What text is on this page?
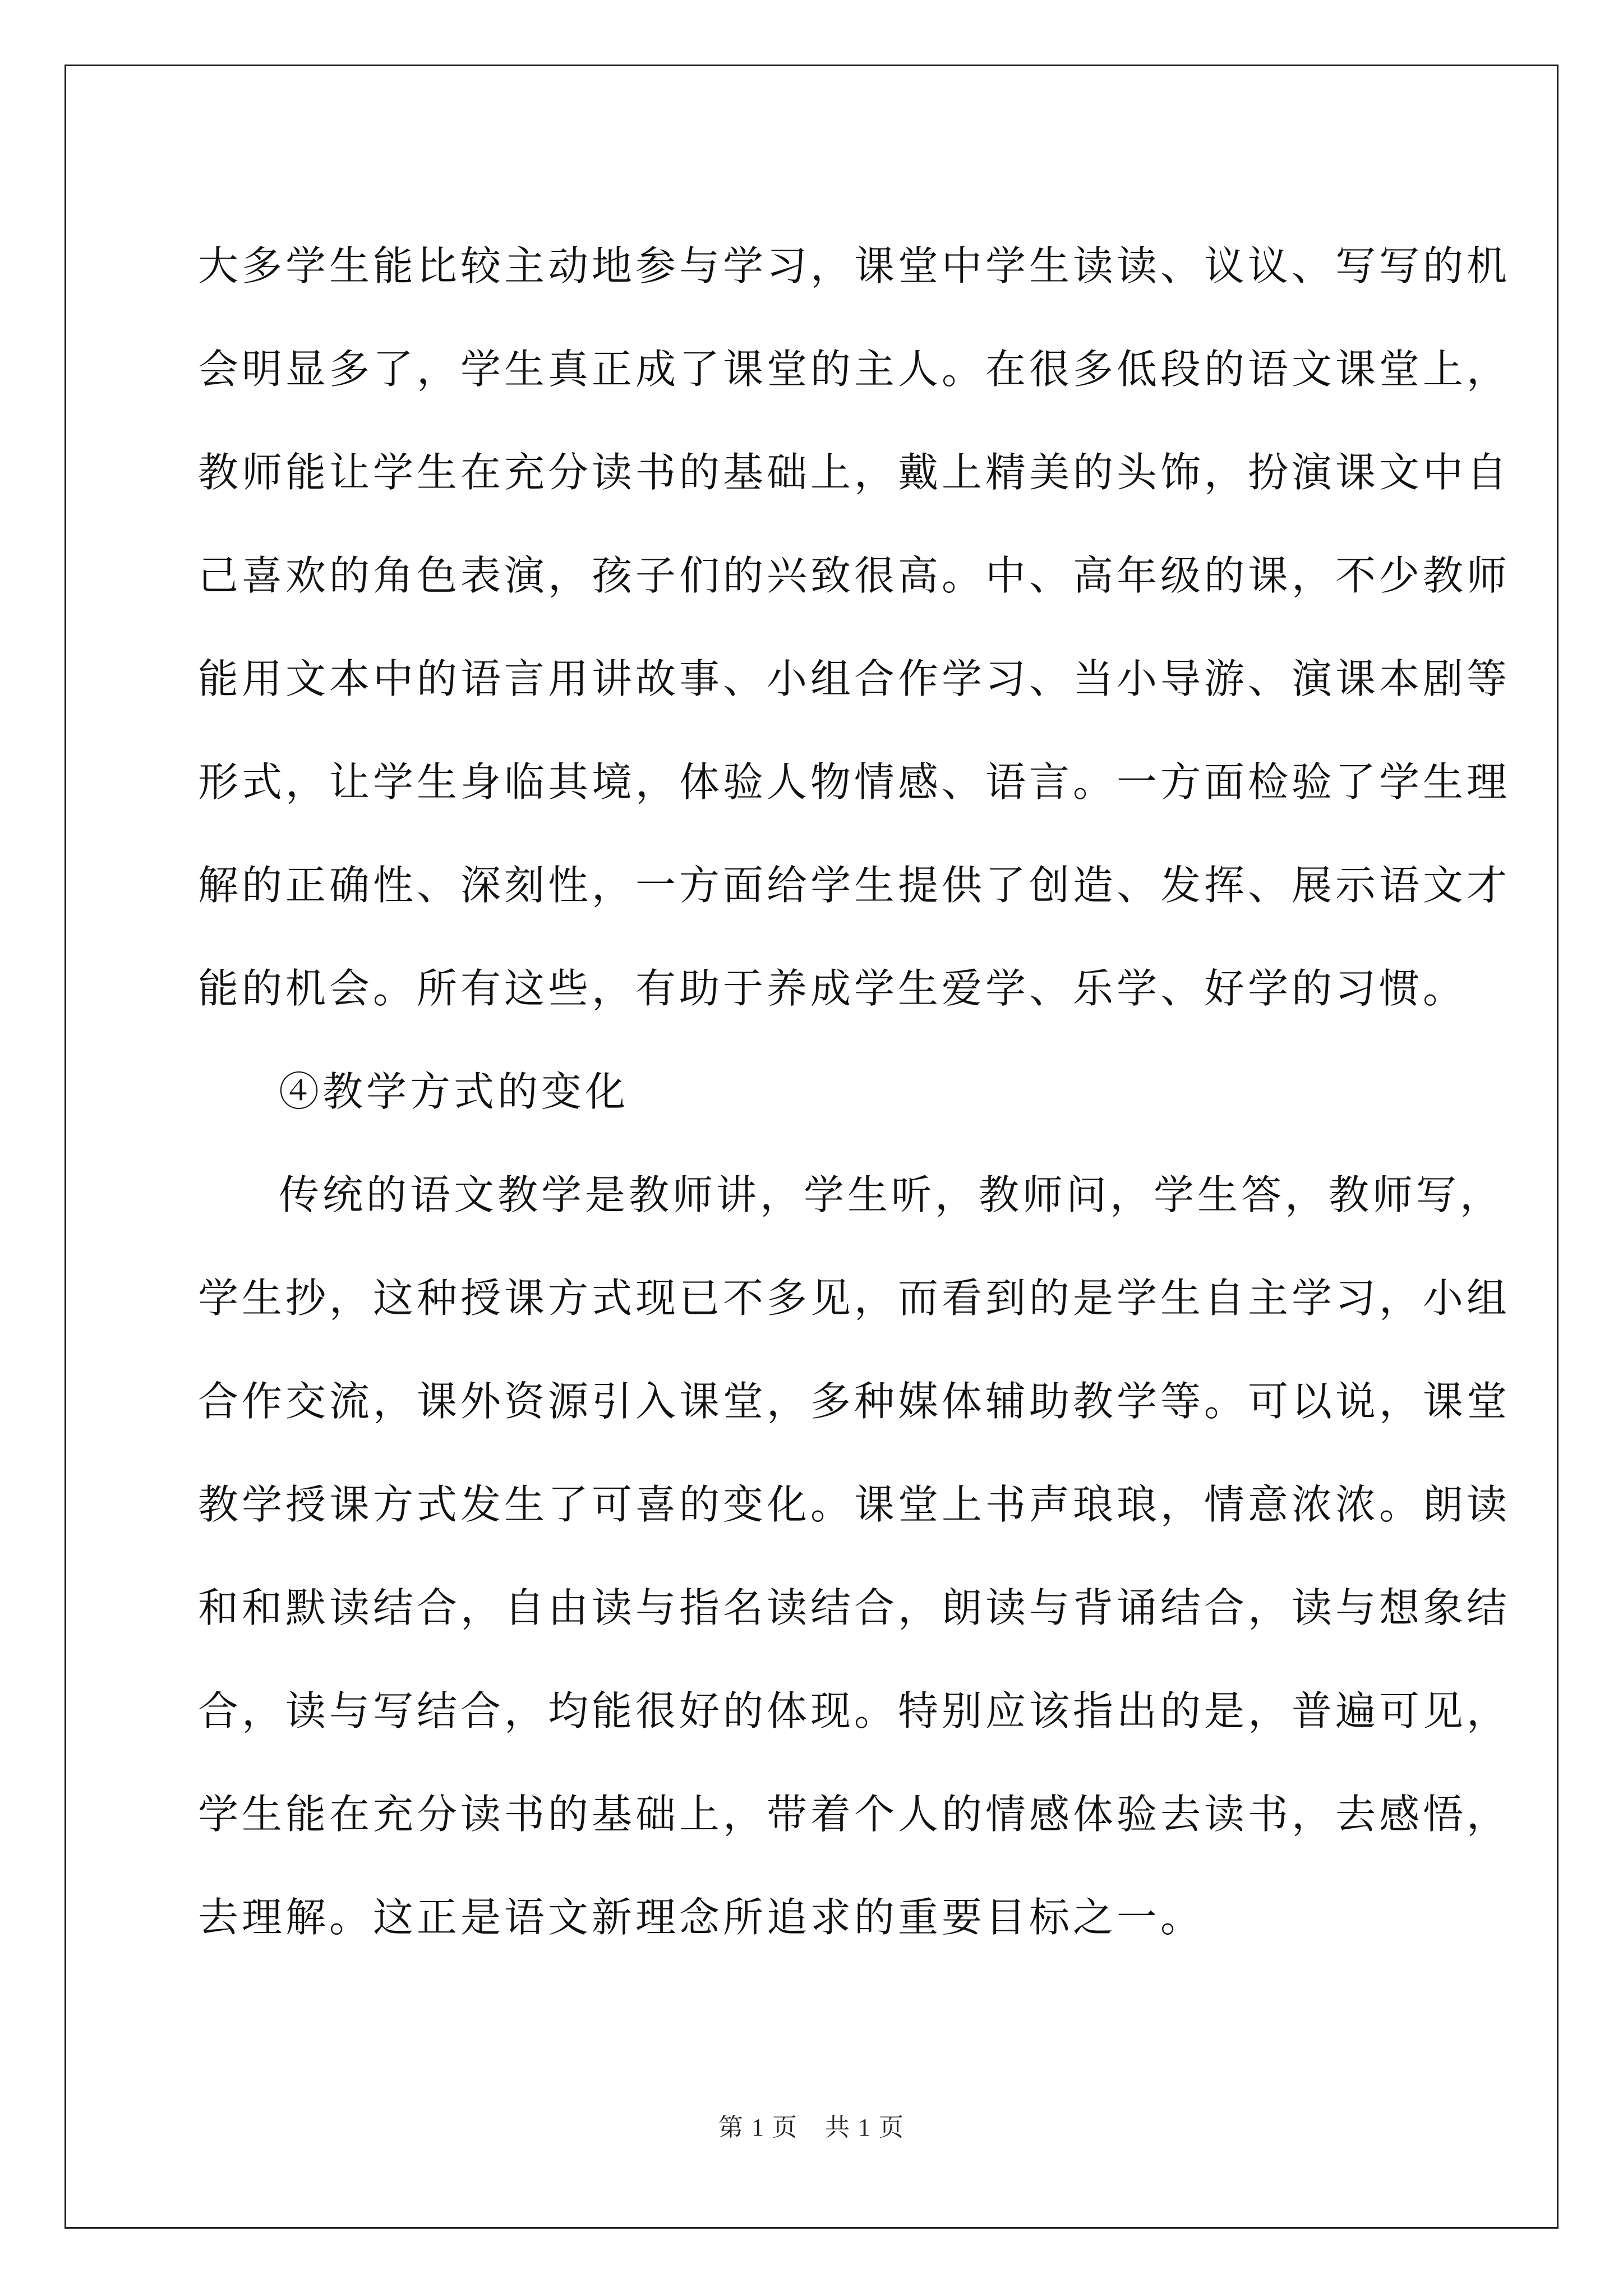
大多学生能比较主动地参与学习，课堂中学生读读、议议、写写的机
会明显多了，学生真正成了课堂的主人。在很多低段的语文课堂上，
教师能让学生在充分读书的基础上，戴上精美的头饰，扮演课文中自
己喜欢的角色表演，孩子们的兴致很高。中、高年级的课，不少教师
能用文本中的语言用讲故事、小组合作学习、当小导游、演课本剧等
形式，让学生身临其境，体验人物情感、语言。一方面检验了学生理
解的正确性、深刻性，一方面给学生提供了创造、发挥、展示语文才
能的机会。所有这些，有助于养成学生爱学、乐学、好学的习惯。
④教学方式的变化
传统的语文教学是教师讲，学生听，教师问，学生答，教师写，
学生抄，这种授课方式现已不多见，而看到的是学生自主学习，小组
合作交流，课外资源引入课堂，多种媒体辅助教学等。可以说，课堂
教学授课方式发生了可喜的变化。课堂上书声琅琅，情意浓浓。朗读
和和默读结合，自由读与指名读结合，朗读与背诵结合，读与想象结
合，读与写结合，均能很好的体现。特别应该指出的是，普遍可见，
学生能在充分读书的基础上，带着个人的情感体验去读书，去感悟，
去理解。这正是语文新理念所追求的重要目标之一。
第 1 页 共 1 页
